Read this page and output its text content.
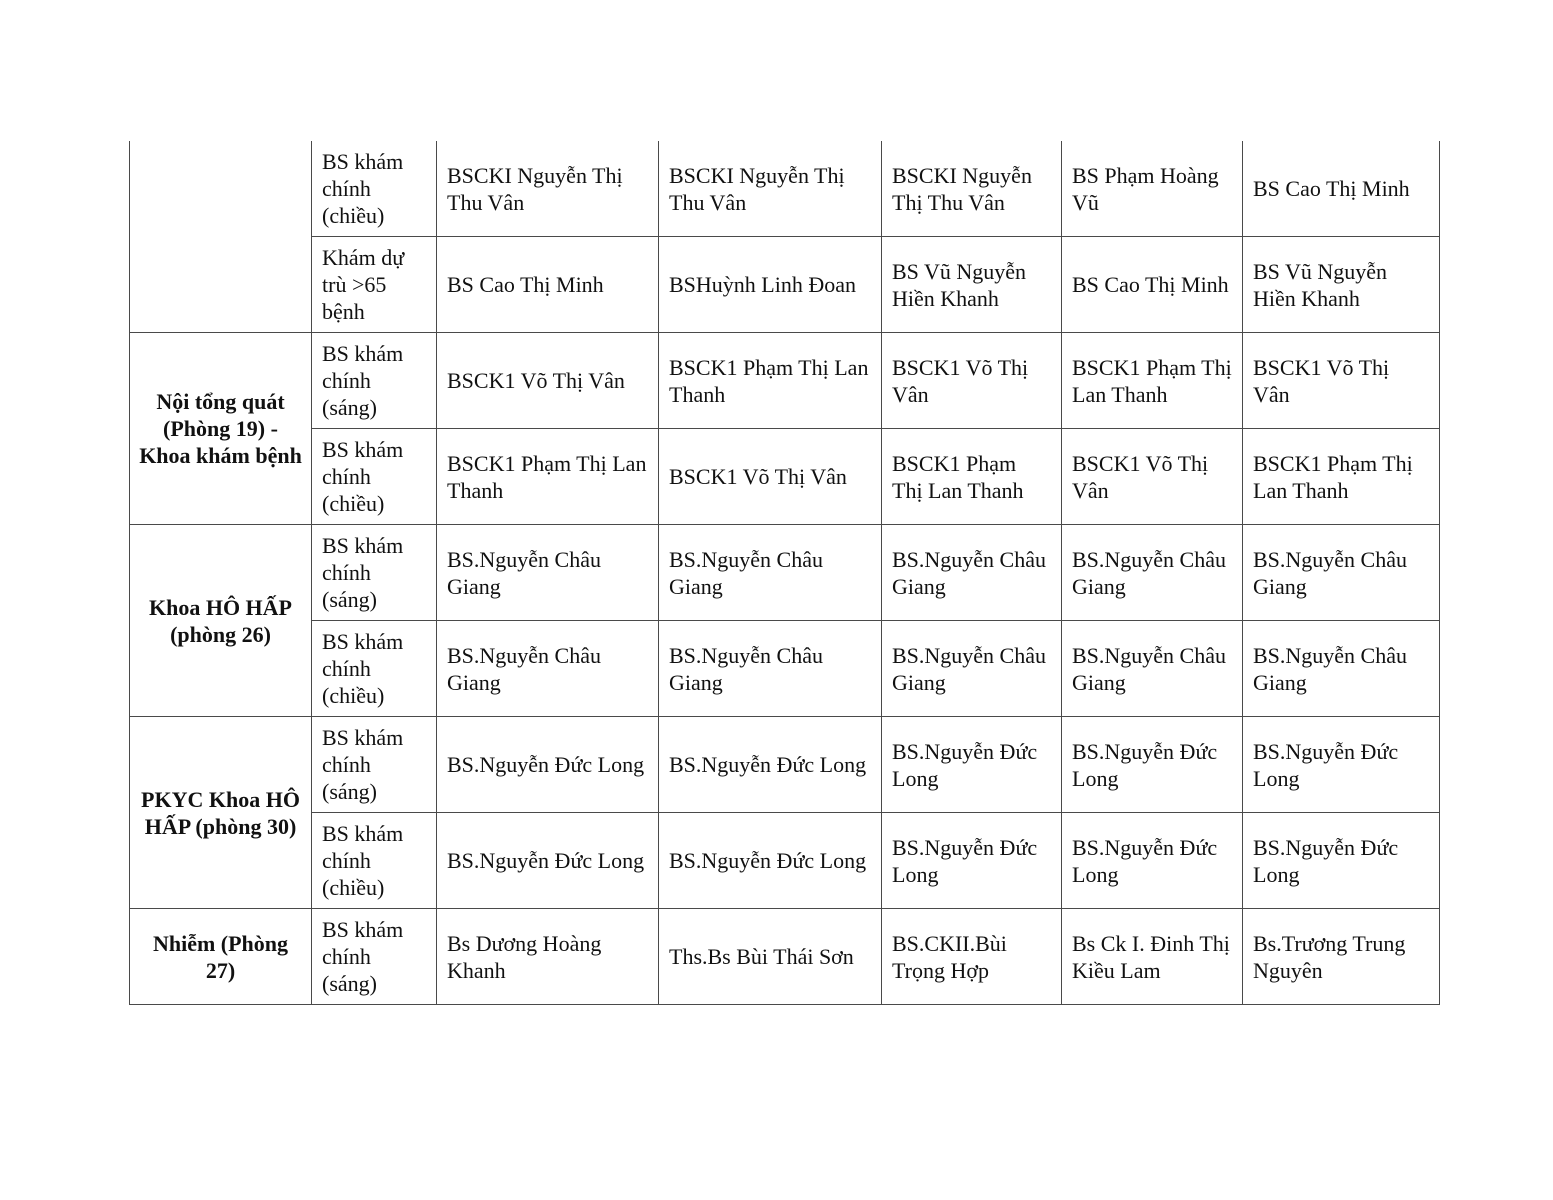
	BS khám chính (chiều)	BSCKI Nguyễn Thị Thu Vân	BSCKI Nguyễn Thị Thu Vân	BSCKI Nguyễn Thị Thu Vân	BS Phạm Hoàng Vũ	BS Cao Thị Minh
	Khám dự trù >65 bệnh	BS Cao Thị Minh	BSHuỳnh Linh Đoan	BS Vũ Nguyễn Hiền Khanh	BS Cao Thị Minh	BS Vũ Nguyễn Hiền Khanh
Nội tổng quát (Phòng 19) - Khoa khám bệnh	BS khám chính (sáng)	BSCK1 Võ Thị Vân	BSCK1 Phạm Thị Lan Thanh	BSCK1 Võ Thị Vân	BSCK1 Phạm Thị Lan Thanh	BSCK1 Võ Thị Vân
	BS khám chính (chiều)	BSCK1 Phạm Thị Lan Thanh	BSCK1 Võ Thị Vân	BSCK1 Phạm Thị Lan Thanh	BSCK1 Võ Thị Vân	BSCK1 Phạm Thị Lan Thanh
Khoa HÔ HẤP (phòng 26)	BS khám chính (sáng)	BS.Nguyễn Châu Giang	BS.Nguyễn Châu Giang	BS.Nguyễn Châu Giang	BS.Nguyễn Châu Giang	BS.Nguyễn Châu Giang
	BS khám chính (chiều)	BS.Nguyễn Châu Giang	BS.Nguyễn Châu Giang	BS.Nguyễn Châu Giang	BS.Nguyễn Châu Giang	BS.Nguyễn Châu Giang
PKYC Khoa HÔ HẤP (phòng 30)	BS khám chính (sáng)	BS.Nguyễn Đức Long	BS.Nguyễn Đức Long	BS.Nguyễn Đức Long	BS.Nguyễn Đức Long	BS.Nguyễn Đức Long
	BS khám chính (chiều)	BS.Nguyễn Đức Long	BS.Nguyễn Đức Long	BS.Nguyễn Đức Long	BS.Nguyễn Đức Long	BS.Nguyễn Đức Long
Nhiễm (Phòng 27)	BS khám chính (sáng)	Bs Dương Hoàng Khanh	Ths.Bs Bùi Thái Sơn	BS.CKII.Bùi Trọng Hợp	Bs Ck I. Đinh Thị Kiều Lam	Bs.Trương Trung Nguyên
